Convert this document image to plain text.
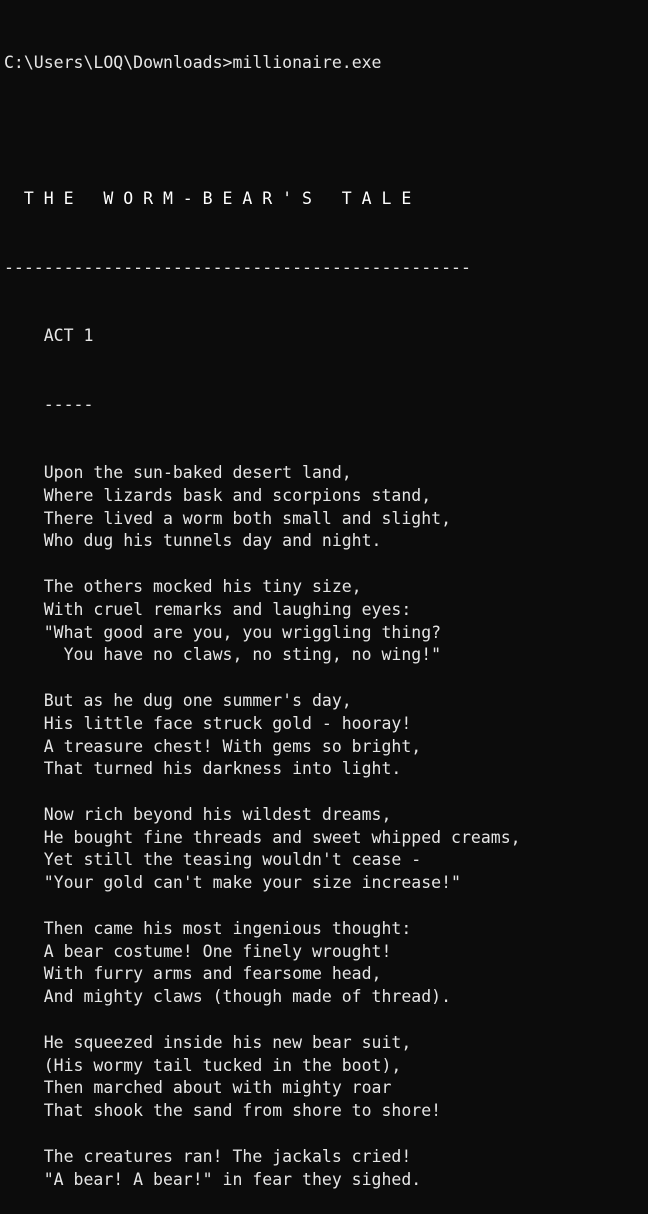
C:\Users\LOQ\Downloads>millionaire.exe

T H E   W O R M - B E A R ' S   T A L E

-----------------------------------------------

ACT 1

-----

Upon the sun-baked desert land,
Where lizards bask and scorpions stand,
There lived a worm both small and slight,
Who dug his tunnels day and night.
The others mocked his tiny size,
With cruel remarks and laughing eyes:
"What good are you, you wriggling thing?
You have no claws, no sting, no wing!"
But as he dug one summer's day,
His little face struck gold - hooray!
A treasure chest! With gems so bright,
That turned his darkness into light.
Now rich beyond his wildest dreams,
He bought fine threads and sweet whipped creams,
Yet still the teasing wouldn't cease -
"Your gold can't make your size increase!"
Then came his most ingenious thought:
A bear costume! One finely wrought!
With furry arms and fearsome head,
And mighty claws (though made of thread).
He squeezed inside his new bear suit,
(His wormy tail tucked in the boot),
Then marched about with mighty roar
That shook the sand from shore to shore!
The creatures ran! The jackals cried!
"A bear! A bear!" in fear they sighed.
